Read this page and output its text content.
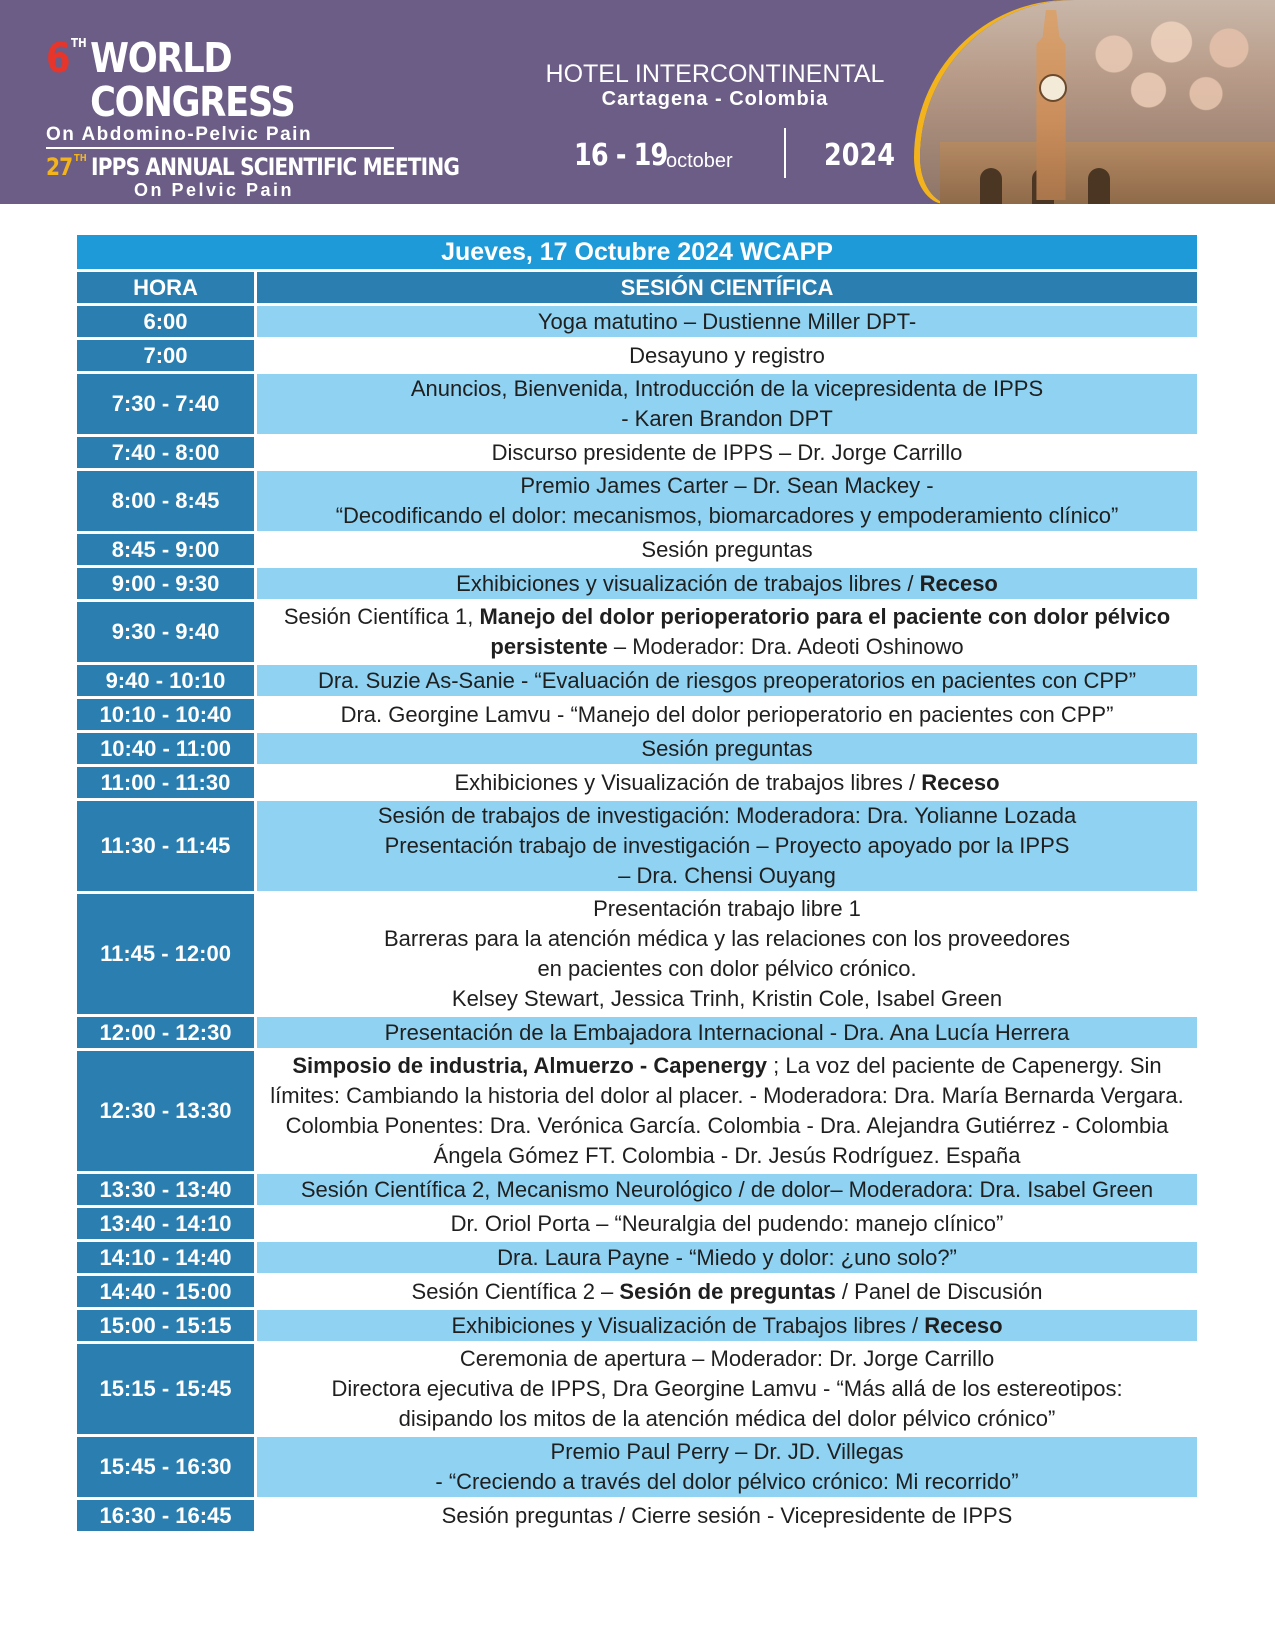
6 TH WORLD CONGRESS
On Abdomino-Pelvic Pain
27 TH IPPS ANNUAL SCIENTIFIC MEETING
On Pelvic Pain
HOTEL INTERCONTINENTAL
Cartagena - Colombia
16 - 19
october	2024
Jueves, 17 Octubre 2024 WCAPP	
HORA	SESIÓN CIENTÍFICA
6:00	Yoga matutino – Dustienne Miller DPT-

7:00	Desayuno y registro

7:30 - 7:40	Anuncios, Bienvenida, Introducción de la vicepresidenta de IPPS
- Karen Brandon DPT

7:40 - 8:00	Discurso presidente de IPPS – Dr. Jorge Carrillo

8:00 - 8:45	Premio James Carter – Dr. Sean Mackey -
“Decodificando el dolor: mecanismos, biomarcadores y empoderamiento clínico”

8:45 - 9:00	Sesión preguntas

9:00 - 9:30	Exhibiciones y visualización de trabajos libres / Receso
9:30 - 9:40	Sesión Científica 1, Manejo del dolor perioperatorio para el paciente con dolor pélvico persistente – Moderador: Dra. Adeoti Oshinowo
9:40 - 10:10	Dra. Suzie As-Sanie - “Evaluación de riesgos preoperatorios en pacientes con CPP”

10:10 - 10:40	Dra. Georgine Lamvu - “Manejo del dolor perioperatorio en pacientes con CPP”

10:40 - 11:00	Sesión preguntas

11:00 - 11:30	Exhibiciones y Visualización de trabajos libres / Receso
11:30 - 11:45	Sesión de trabajos de investigación: Moderadora: Dra. Yolianne Lozada
Presentación trabajo de investigación – Proyecto apoyado por la IPPS
– Dra. Chensi Ouyang

11:45 - 12:00	Presentación trabajo libre 1
Barreras para la atención médica y las relaciones con los proveedores
en pacientes con dolor pélvico crónico.
Kelsey Stewart, Jessica Trinh, Kristin Cole, Isabel Green

12:00 - 12:30	Presentación de la Embajadora Internacional - Dra. Ana Lucía Herrera

12:30 - 13:30	Simposio de industria, Almuerzo - Capenergy ; La voz del paciente de Capenergy. Sin límites: Cambiando la historia del dolor al placer. - Moderadora: Dra. María Bernarda Vergara. Colombia Ponentes: Dra. Verónica García. Colombia - Dra. Alejandra Gutiérrez - Colombia Ángela Gómez FT. Colombia - Dr. Jesús Rodríguez. España
13:30 - 13:40	Sesión Científica 2, Mecanismo Neurológico / de dolor– Moderadora: Dra. Isabel Green

13:40 - 14:10	Dr. Oriol Porta – “Neuralgia del pudendo: manejo clínico”

14:10 - 14:40	Dra. Laura Payne - “Miedo y dolor: ¿uno solo?”

14:40 - 15:00	Sesión Científica 2 – Sesión de preguntas / Panel de Discusión
15:00 - 15:15	Exhibiciones y Visualización de Trabajos libres / Receso
15:15 - 15:45	Ceremonia de apertura – Moderador: Dr. Jorge Carrillo
Directora ejecutiva de IPPS, Dra Georgine Lamvu - “Más allá de los estereotipos:
disipando los mitos de la atención médica del dolor pélvico crónico”

15:45 - 16:30	Premio Paul Perry – Dr. JD. Villegas
- “Creciendo a través del dolor pélvico crónico: Mi recorrido”

16:30 - 16:45	Sesión preguntas / Cierre sesión - Vicepresidente de IPPS
